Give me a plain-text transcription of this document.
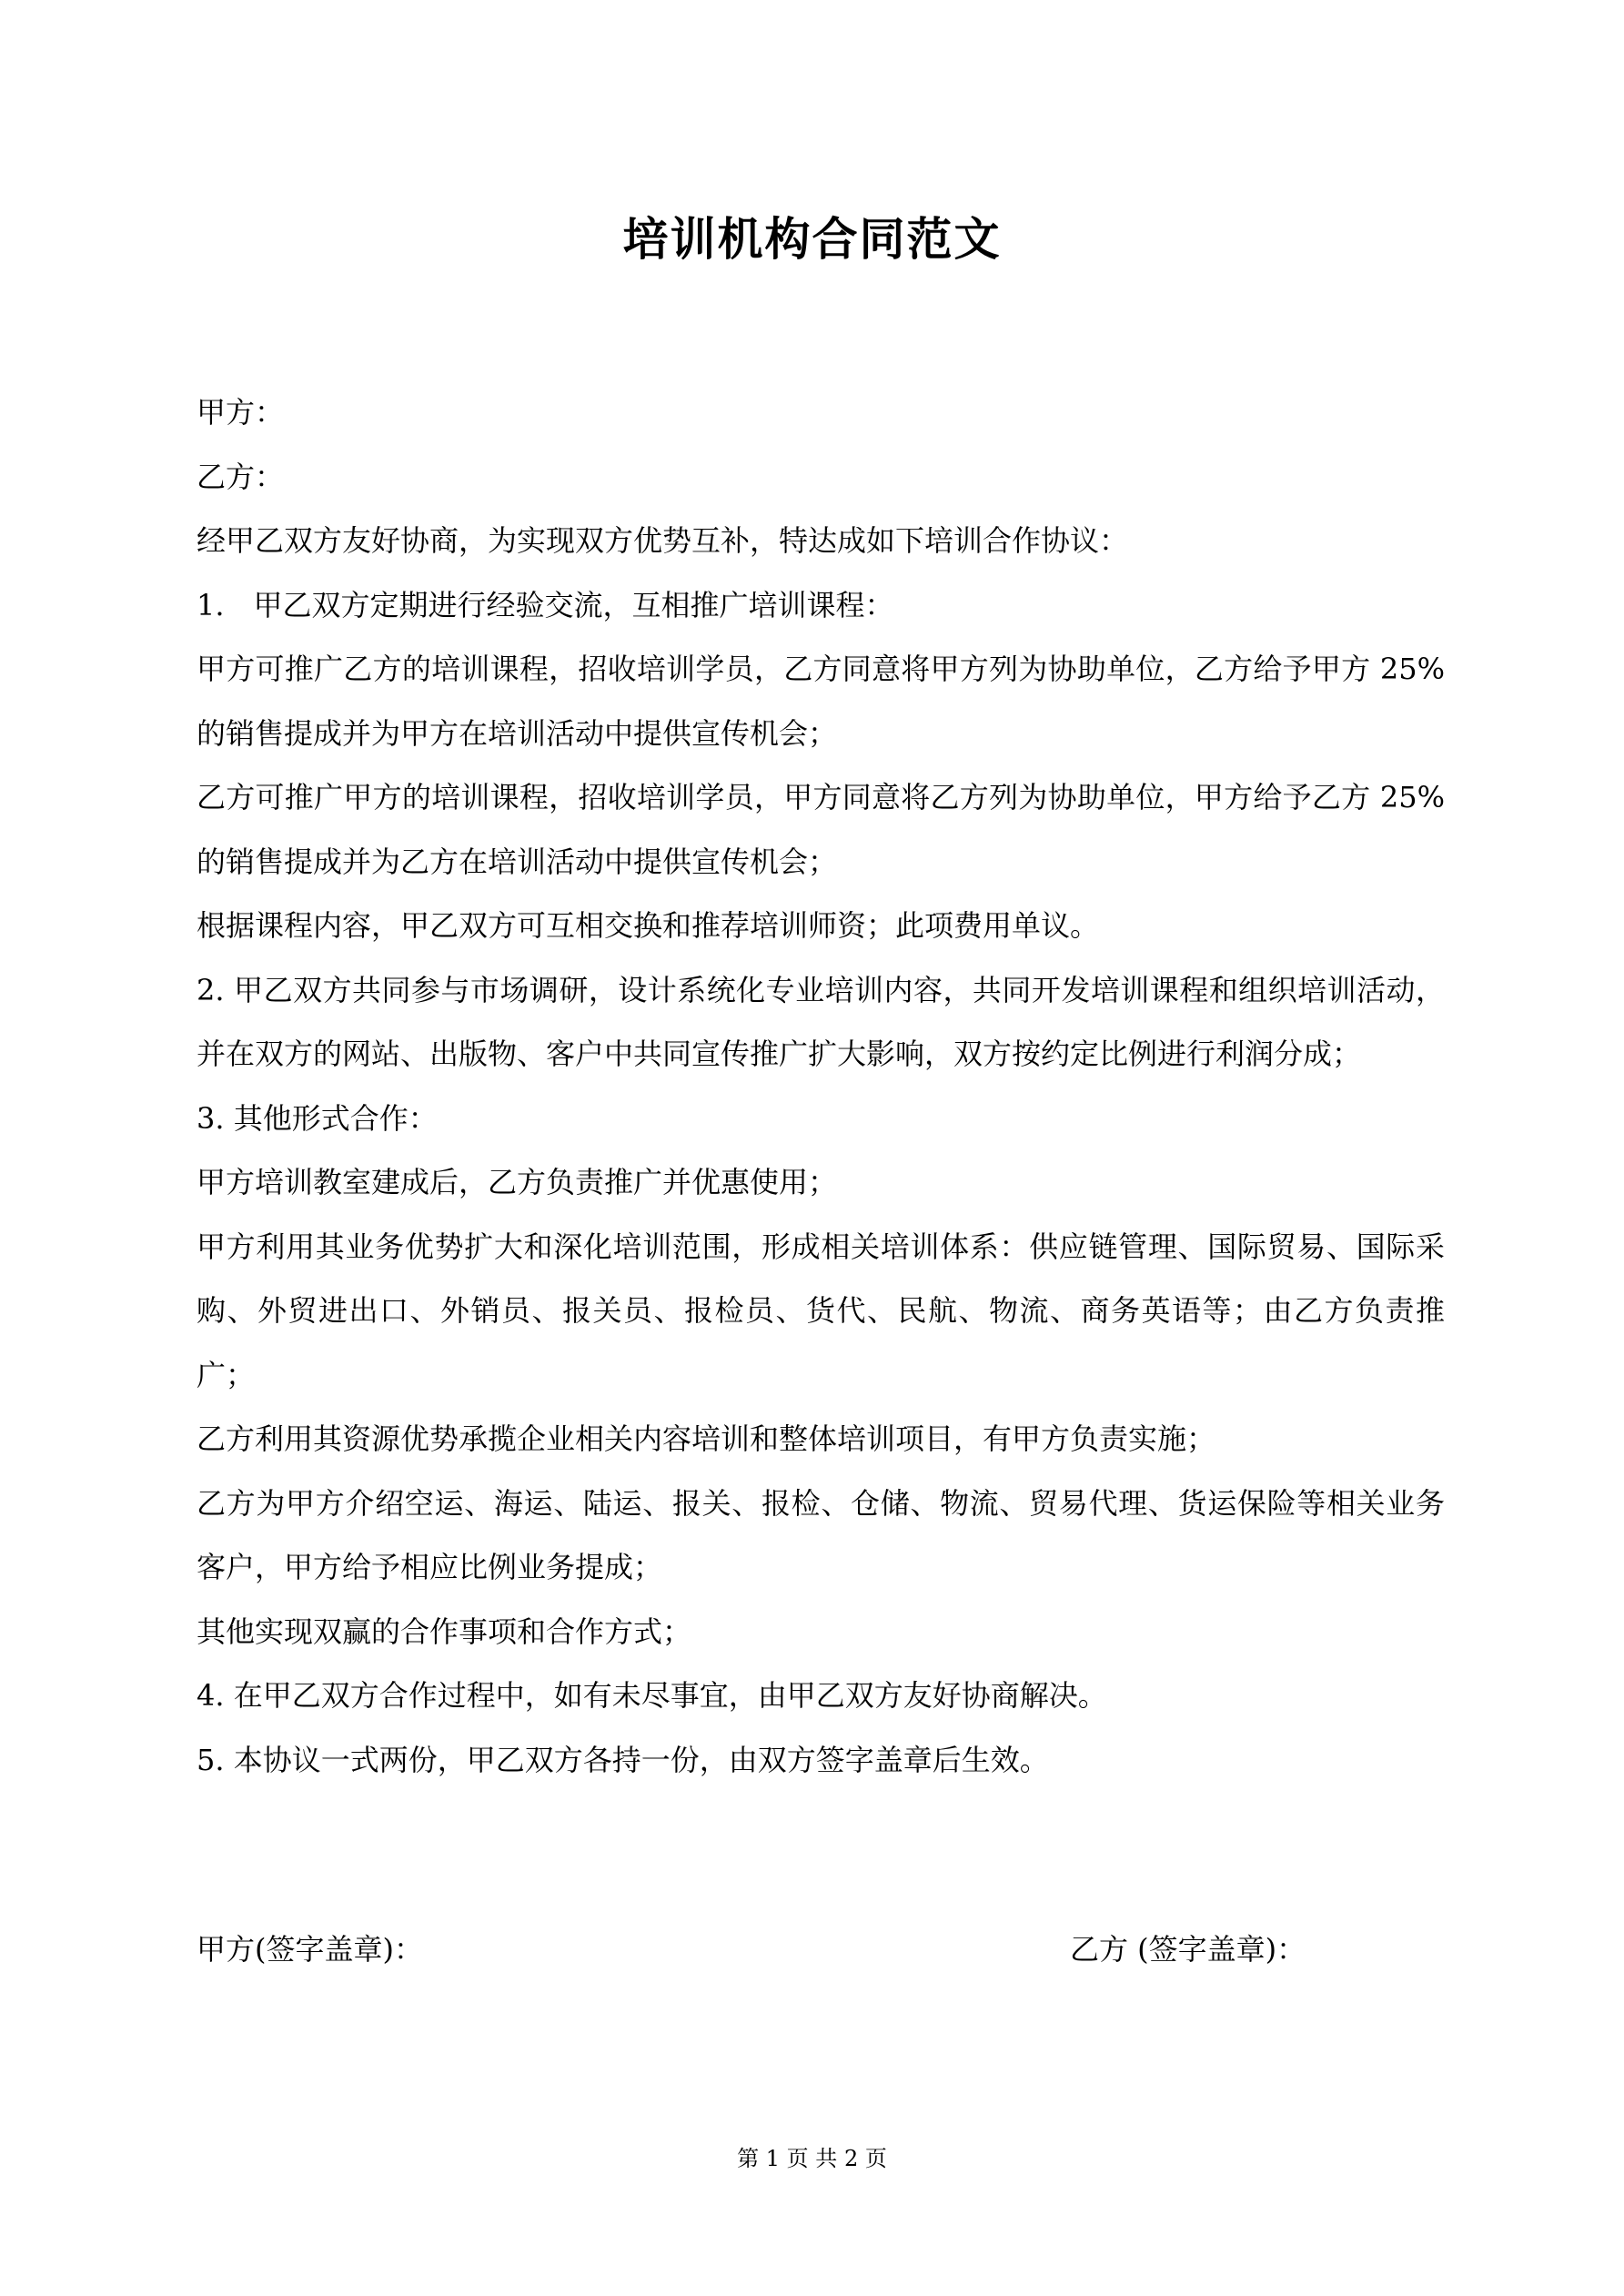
培训机构合同范文

甲方：

乙方：

经甲乙双方友好协商，为实现双方优势互补，特达成如下培训合作协议：

1.　甲乙双方定期进行经验交流，互相推广培训课程：

甲方可推广乙方的培训课程，招收培训学员，乙方同意将甲方列为协助单位，乙方给予甲方 25%的销售提成并为甲方在培训活动中提供宣传机会；

乙方可推广甲方的培训课程，招收培训学员，甲方同意将乙方列为协助单位，甲方给予乙方 25%的销售提成并为乙方在培训活动中提供宣传机会；

根据课程内容，甲乙双方可互相交换和推荐培训师资；此项费用单议。

2. 甲乙双方共同参与市场调研，设计系统化专业培训内容，共同开发培训课程和组织培训活动，并在双方的网站、出版物、客户中共同宣传推广扩大影响，双方按约定比例进行利润分成；

3. 其他形式合作：

甲方培训教室建成后，乙方负责推广并优惠使用；

甲方利用其业务优势扩大和深化培训范围，形成相关培训体系：供应链管理、国际贸易、国际采购、外贸进出口、外销员、报关员、报检员、货代、民航、物流、商务英语等；由乙方负责推广；

乙方利用其资源优势承揽企业相关内容培训和整体培训项目，有甲方负责实施；

乙方为甲方介绍空运、海运、陆运、报关、报检、仓储、物流、贸易代理、货运保险等相关业务客户，甲方给予相应比例业务提成；

其他实现双赢的合作事项和合作方式；

4. 在甲乙双方合作过程中，如有未尽事宜，由甲乙双方友好协商解决。

5. 本协议一式两份，甲乙双方各持一份，由双方签字盖章后生效。

甲方(签字盖章)：	乙方 (签字盖章)：
第 1 页 共 2 页
